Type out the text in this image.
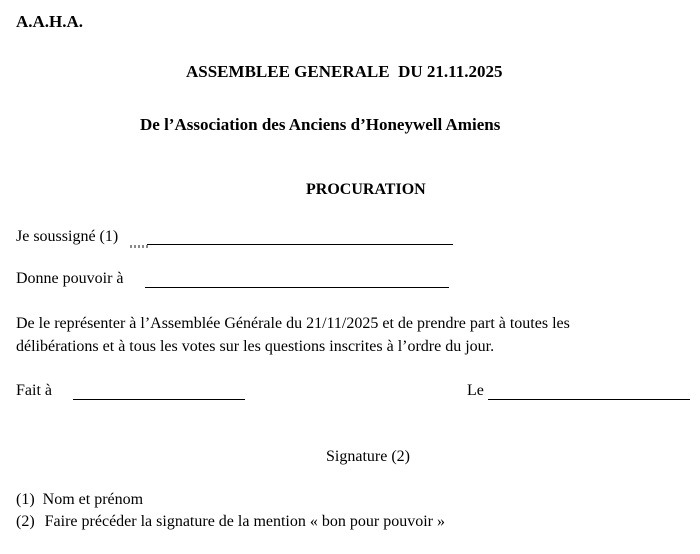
A.A.H.A.
ASSEMBLEE GENERALE  DU 21.11.2025
De l’Association des Anciens d’Honeywell Amiens
PROCURATION
Je soussigné (1)
Donne pouvoir à
De le représenter à l’Assemblée Générale du 21/11/2025 et de prendre part à toutes les
délibérations et à tous les votes sur les questions inscrites à l’ordre du jour.
Fait à	Le
Signature (2)
(1) Nom et prénom
(2) Faire précéder la signature de la mention « bon pour pouvoir »
